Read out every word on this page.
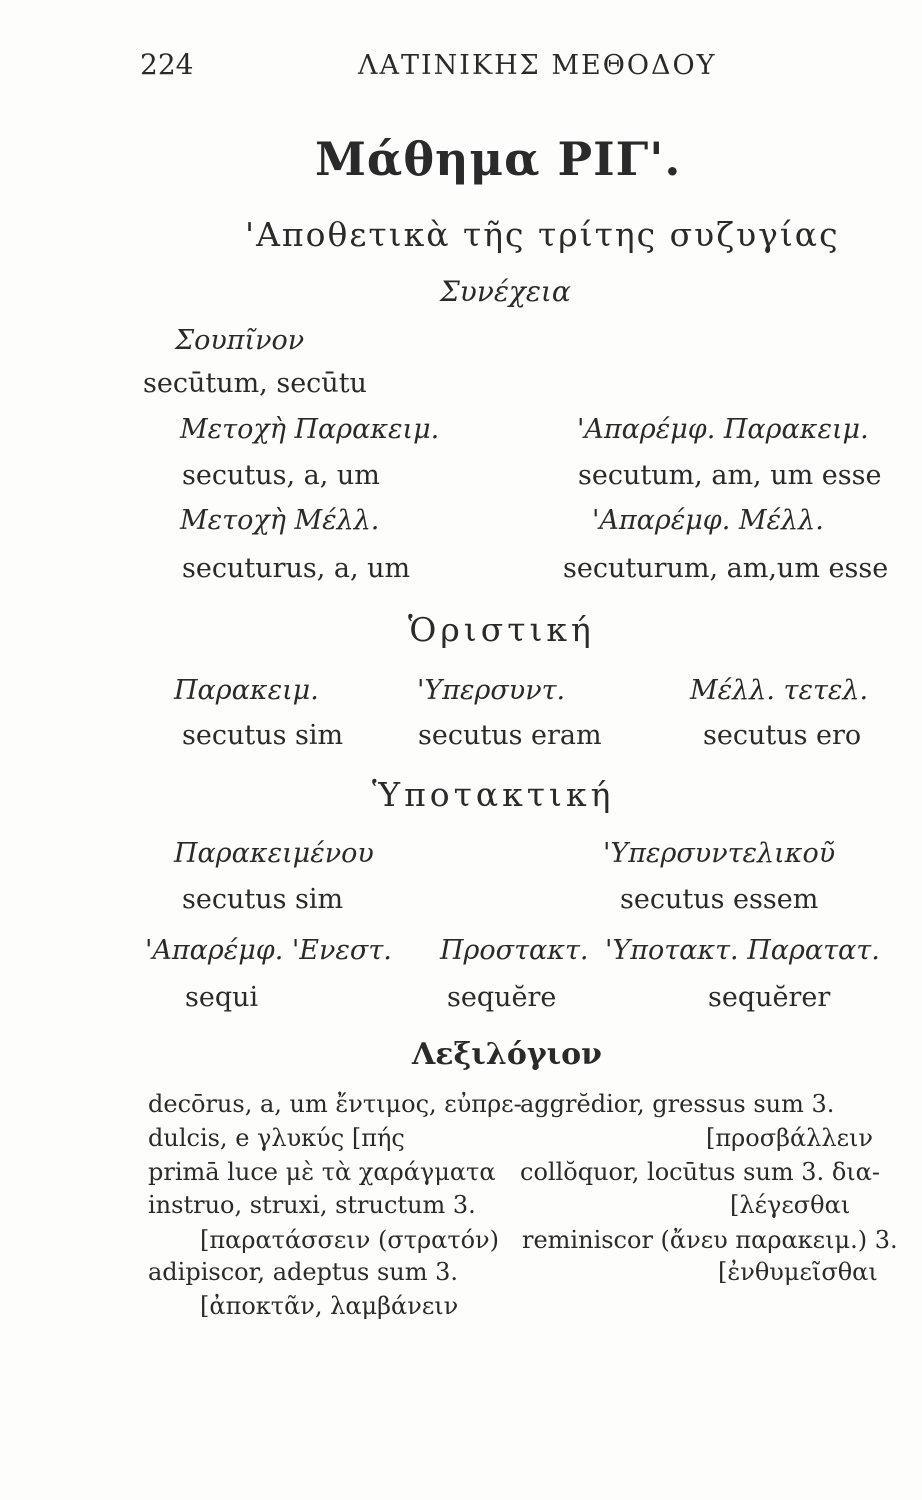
224	ΛΑΤΙΝΙΚΗΣ ΜΕΘΟΔΟΥ
Μάθημα ΡΙΓ'.
'Αποθετικὰ τῆς τρίτης συζυγίας
Συνέχεια
Σουπῖνον
secūtum, secūtu
Μετοχὴ Παρακειμ.
secutus, a, um
Μετοχὴ Μέλλ.
secuturus, a, um
'Απαρέμφ. Παρακειμ.
secutum, am, um esse
'Απαρέμφ. Μέλλ.
secuturum, am,um esse
Ὁριστική
Παρακειμ.
secutus sim
'Υπερσυντ.
secutus eram
Μέλλ. τετελ.
secutus ero
Ὑποτακτική
Παρακειμένου
secutus sim
'Υπερσυντελικοῦ
secutus essem
'Απαρέμφ. 'Ενεστ.
sequi
Προστακτ.
sequĕre
'Υποτακτ. Παρατατ.
sequĕrer
Λεξιλόγιον
decōrus, a, um ἔντιμος, εὐπρε-
dulcis, e γλυκύς [πής
primā luce μὲ τὰ χαράγματα
instruo, struxi, structum 3.
[παρατάσσειν (στρατόν)
adipiscor, adeptus sum 3.
[ἀποκτᾶν, λαμβάνειν
aggrĕdior, gressus sum 3.
[προσβάλλειν
collŏquor, locūtus sum 3. δια-
[λέγεσθαι
reminiscor (ἄνευ παρακειμ.) 3.
[ἐνθυμεῖσθαι
